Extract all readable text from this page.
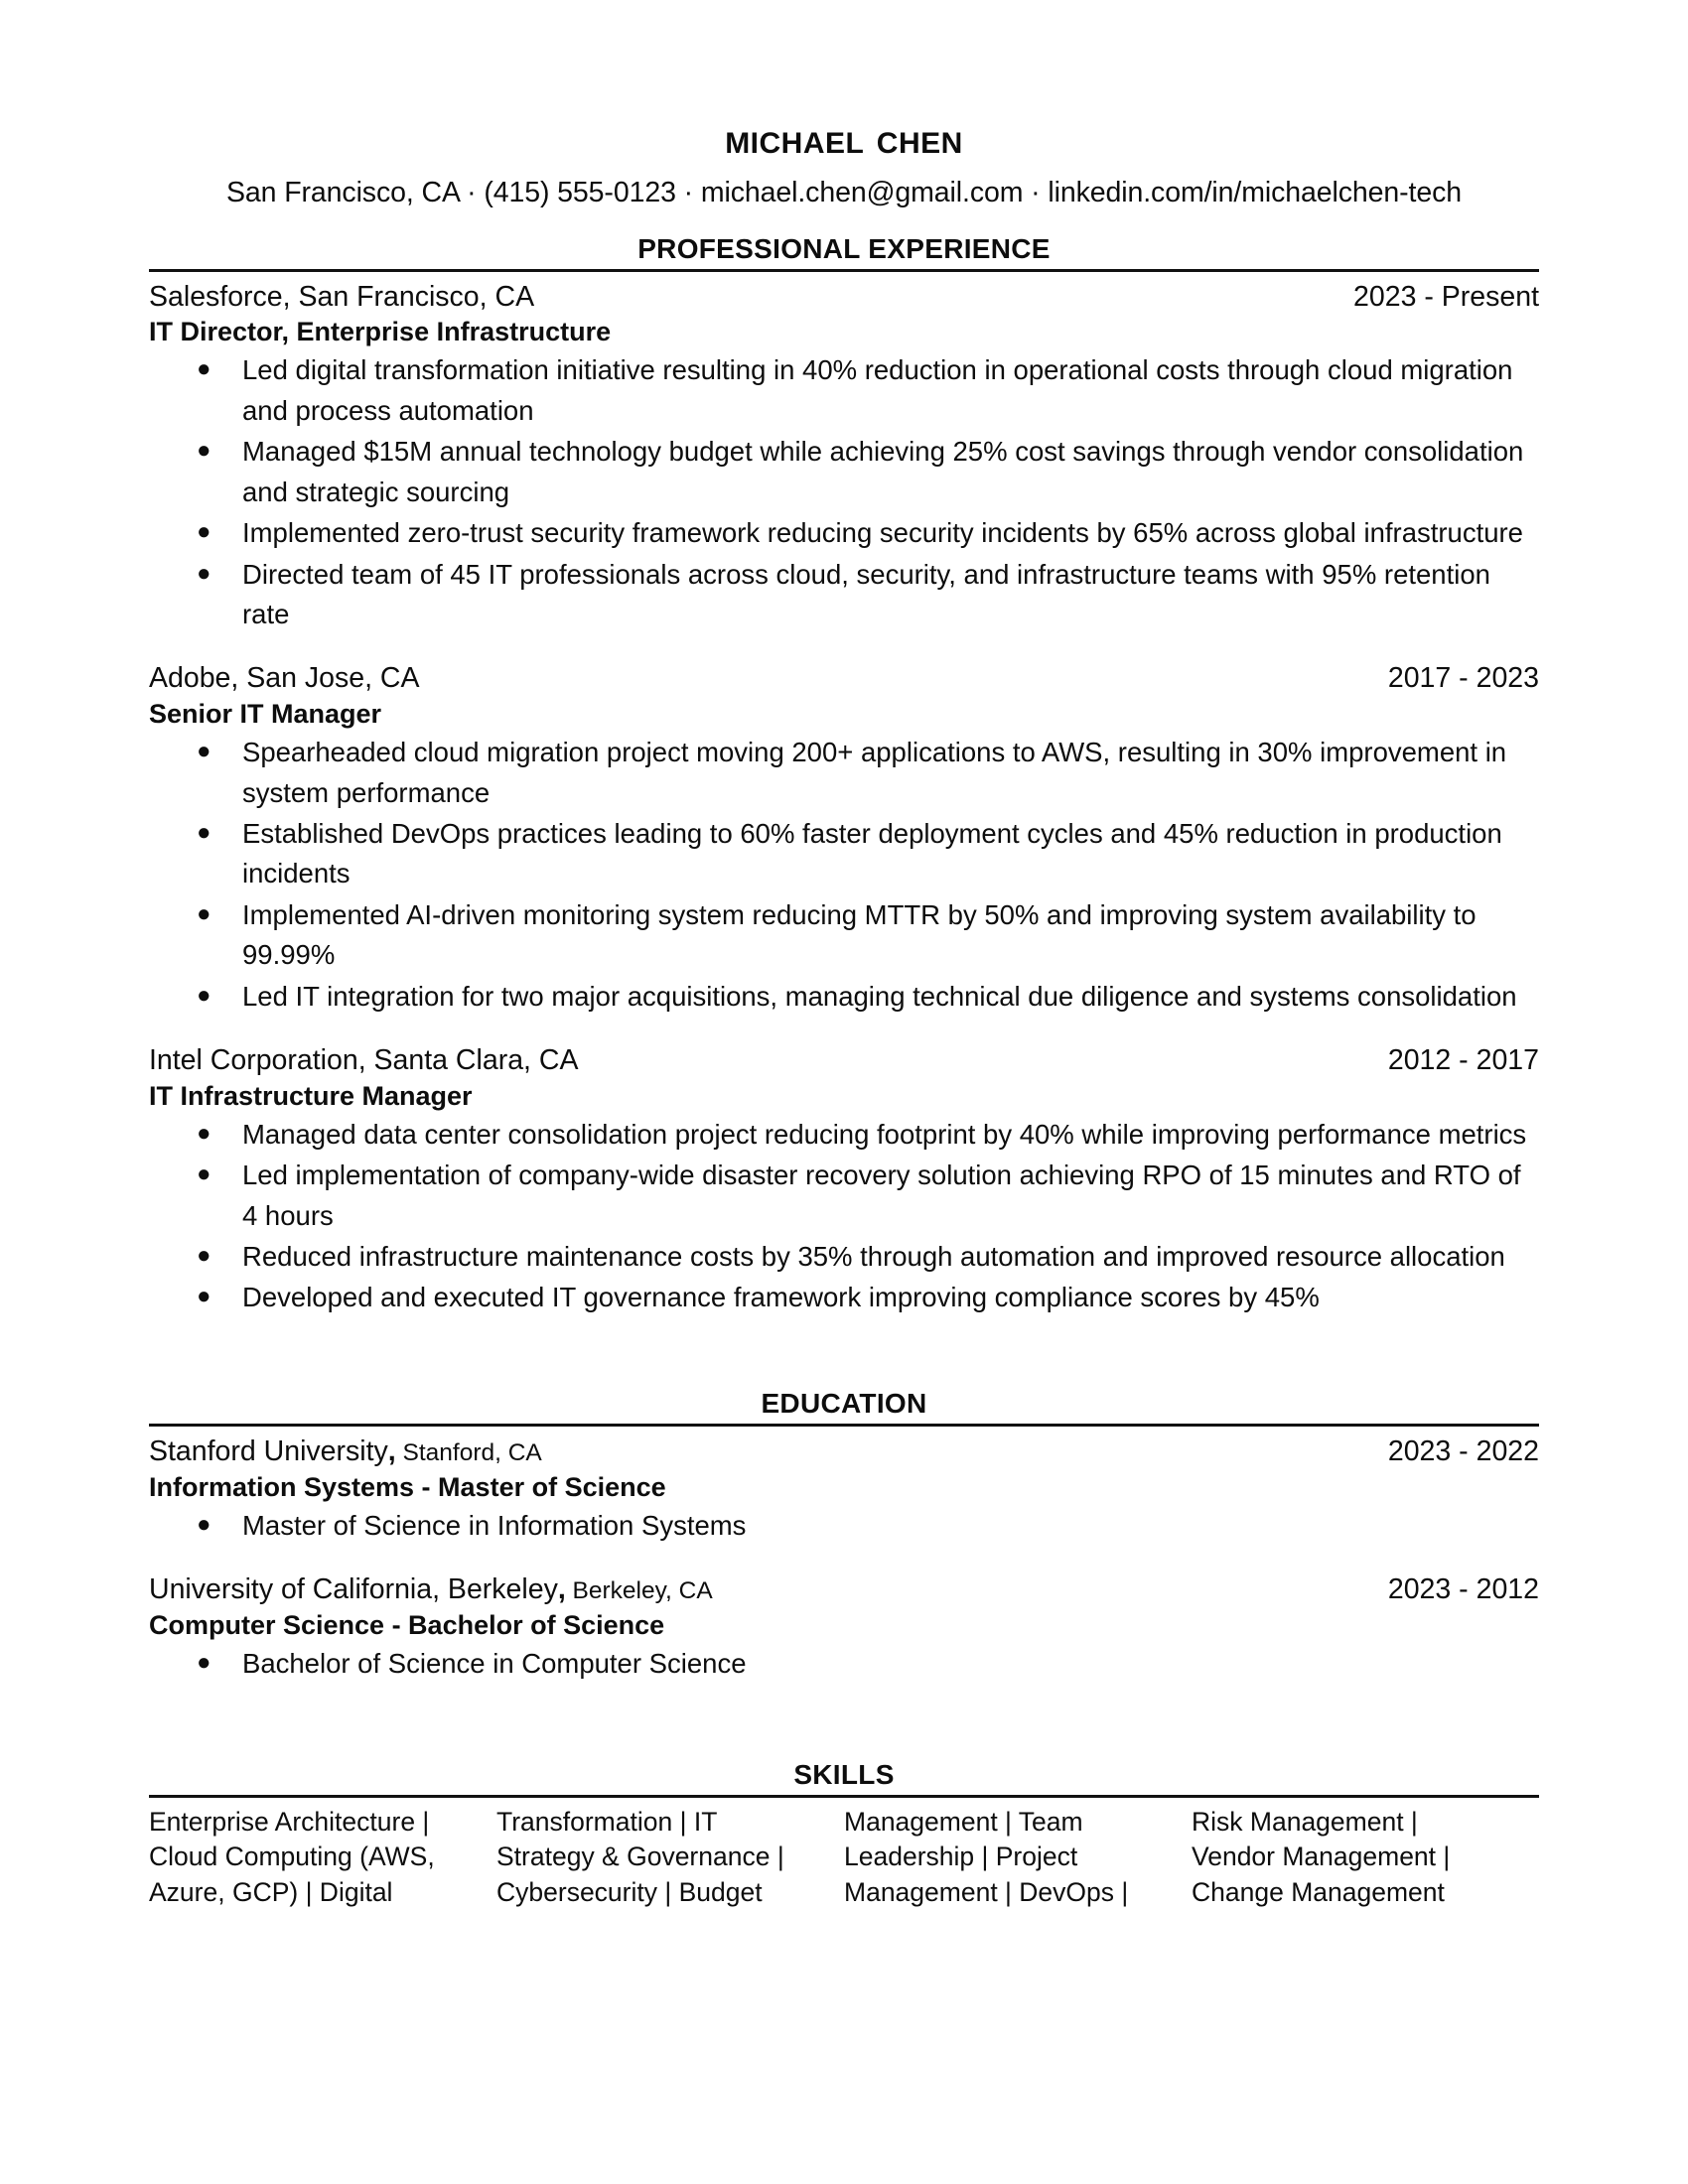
michael chen
San Francisco, CA · (415) 555-0123 · michael.chen@gmail.com · linkedin.com/in/michaelchen-tech
PROFESSIONAL EXPERIENCE
Salesforce, San Francisco, CA	2023 - Present
IT Director, Enterprise Infrastructure
●	Led digital transformation initiative resulting in 40% reduction in operational costs through cloud migration and process automation
●	Managed $15M annual technology budget while achieving 25% cost savings through vendor consolidation and strategic sourcing
●	Implemented zero-trust security framework reducing security incidents by 65% across global infrastructure
●	Directed team of 45 IT professionals across cloud, security, and infrastructure teams with 95% retention rate
Adobe, San Jose, CA	2017 - 2023
Senior IT Manager
●	Spearheaded cloud migration project moving 200+ applications to AWS, resulting in 30% improvement in system performance
●	Established DevOps practices leading to 60% faster deployment cycles and 45% reduction in production incidents
●	Implemented AI-driven monitoring system reducing MTTR by 50% and improving system availability to 99.99%
●	Led IT integration for two major acquisitions, managing technical due diligence and systems consolidation
Intel Corporation, Santa Clara, CA	2012 - 2017
IT Infrastructure Manager
●	Managed data center consolidation project reducing footprint by 40% while improving performance metrics
●	Led implementation of company-wide disaster recovery solution achieving RPO of 15 minutes and RTO of 4 hours
●	Reduced infrastructure maintenance costs by 35% through automation and improved resource allocation
●	Developed and executed IT governance framework improving compliance scores by 45%
EDUCATION
Stanford University, Stanford, CA	2023 - 2022
Information Systems - Master of Science
●	Master of Science in Information Systems
University of California, Berkeley, Berkeley, CA	2023 - 2012
Computer Science - Bachelor of Science
●	Bachelor of Science in Computer Science
SKILLS
Enterprise Architecture | Cloud Computing (AWS, Azure, GCP) | Digital
Transformation | IT Strategy & Governance | Cybersecurity | Budget
Management | Team Leadership | Project Management | DevOps |
Risk Management | Vendor Management | Change Management
